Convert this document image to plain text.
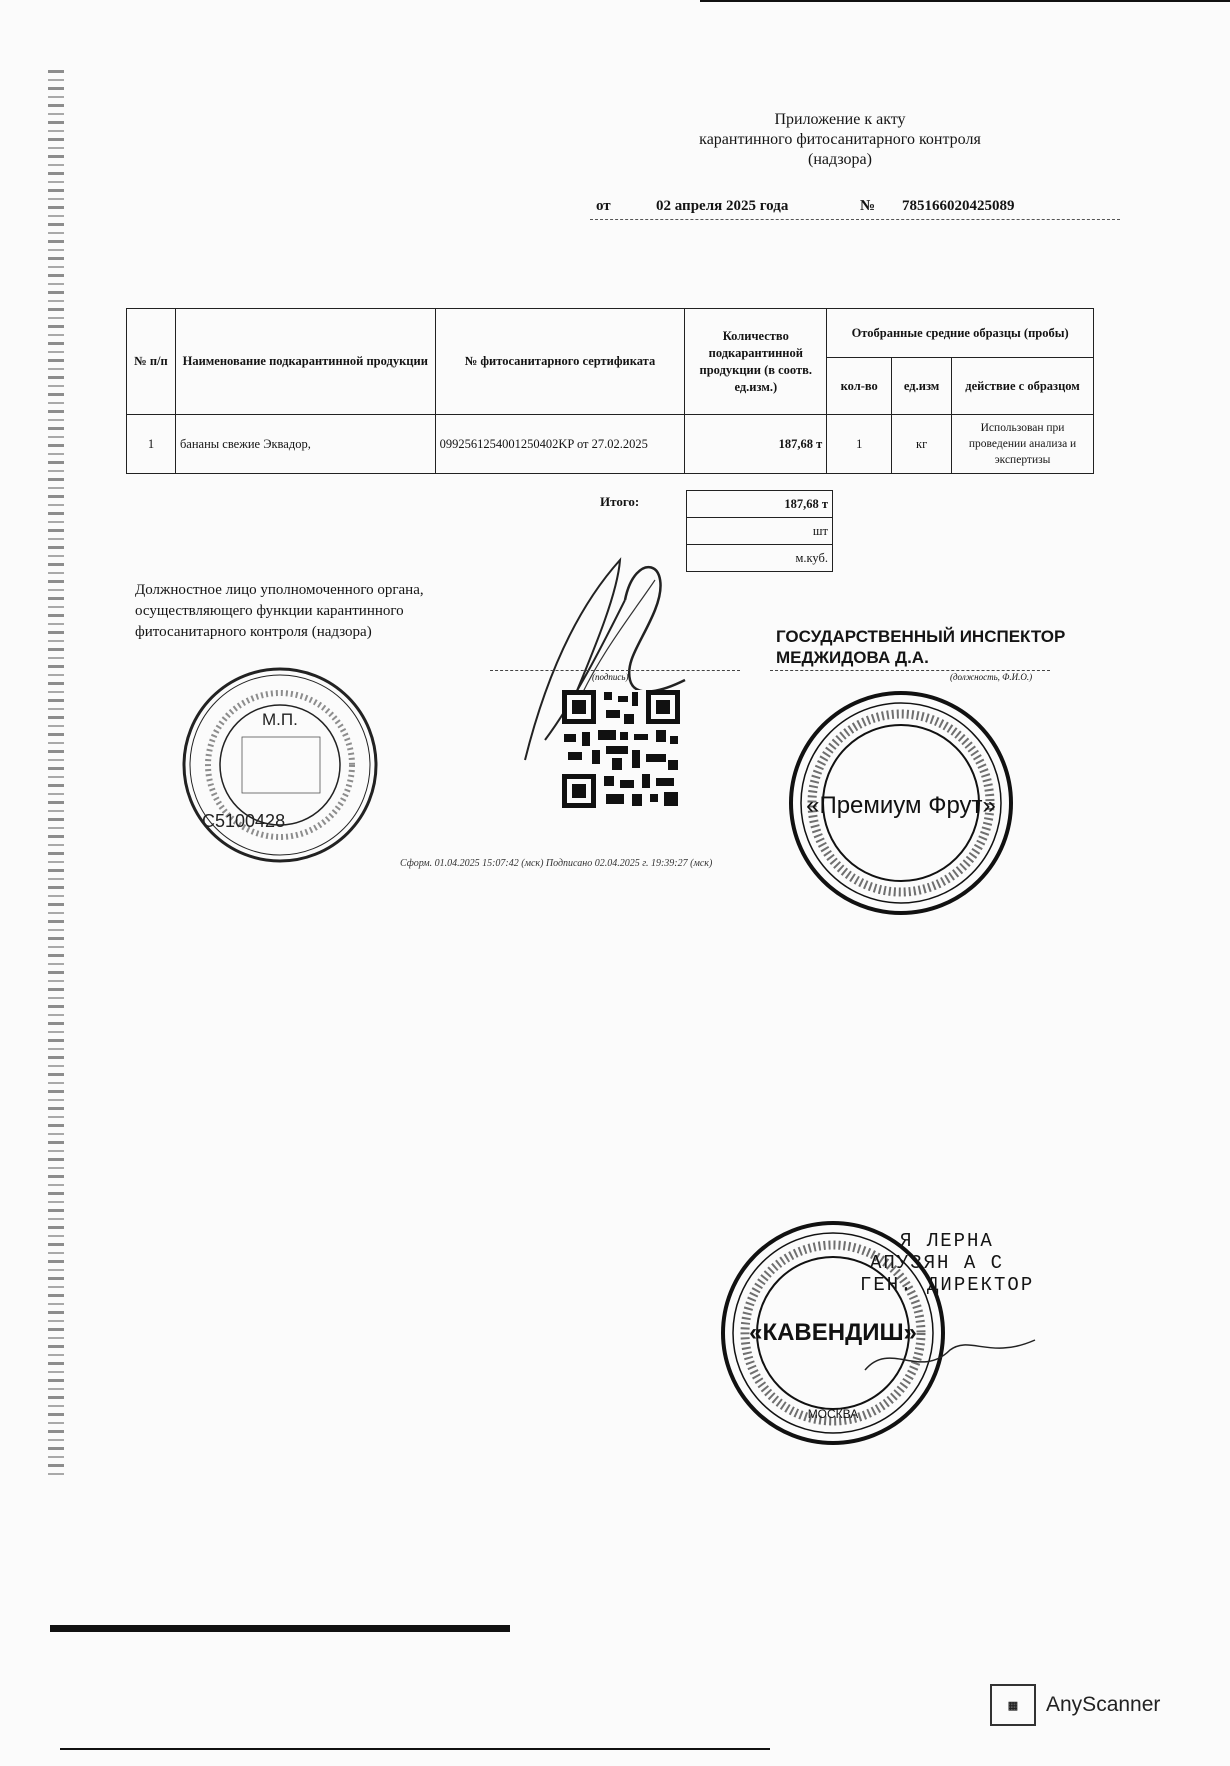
Приложение к акту
карантинного фитосанитарного контроля
(надзора)
от	02 апреля 2025 года	№ 785166020425089
№ п/п	Наименование подкарантинной продукции	№ фитосанитарного сертификата	Количество подкарантинной продукции (в соотв. ед.изм.)	Отобранные средние образцы (пробы)		
				кол-во	ед.изм	действие с образцом
1	бананы свежие Эквадор,	0992561254001250402KP от 27.02.2025	187,68 т	1	кг	Использован при проведении анализа и экспертизы
Итого:	187,68 т
шт
м.куб.
Должностное лицо уполномоченного органа,
осуществляющего функции карантинного
фитосанитарного контроля (надзора)
(подпись)
ГОСУДАРСТВЕННЫЙ ИНСПЕКТОР
МЕДЖИДОВА Д.А.
(должность, Ф.И.О.)
М.П.
С5100428
Сформ. 01.04.2025 15:07:42 (мск) Подписано 02.04.2025 г. 19:39:27 (мск)
«Премиум Фрут»
«КАВЕНДИШ»
МОСКВА
Я ЛЕРНА
АПУЗЯН А С
ГЕН. ДИРЕКТОР
▦	AnyScanner
